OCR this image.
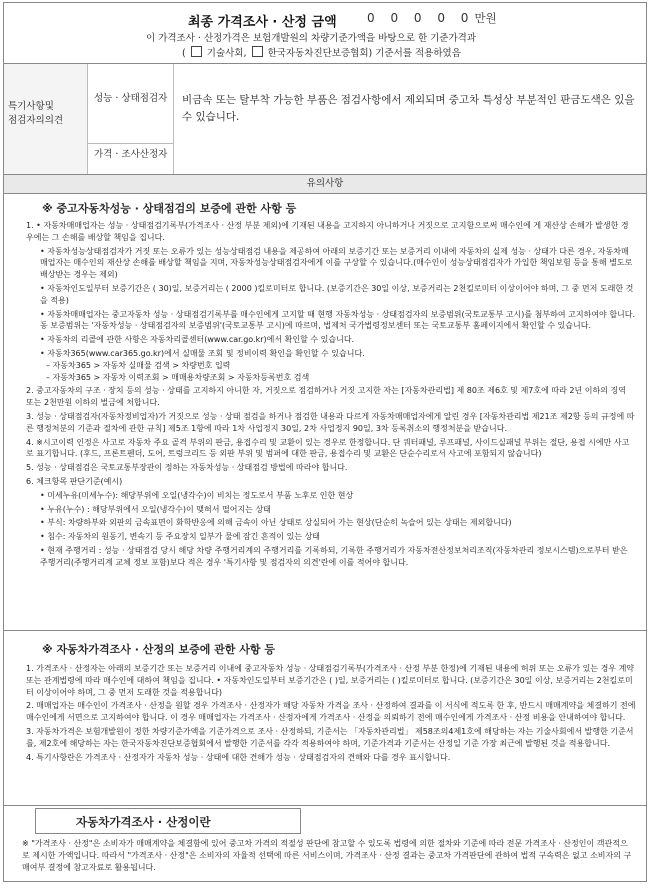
최종 가격조사 · 산정 금액	0 0 0 0 0만원
이 가격조사 · 산정가격은 보험개발원의 차량기준가액을 바탕으로 한 기준가격과
( 기술사회, 한국자동차진단보증협회) 기준서를 적용하였음
특기사항및
점검자의의견
성능 · 상태점검자	비금속 또는 탈부착 가능한 부품은 점검사항에서 제외되며 중고차 특성상 부분적인 판금도색은 있을 수 있습니다.
가격 · 조사산정자
유의사항
※ 중고자동차성능 · 상태점검의 보증에 관한 사항 등

1. • 자동차매매업자는 성능 · 상태점검기록부(가격조사 · 산정 부분 제외)에 기재된 내용을 고지하지 아니하거나 거짓으로 고지함으로써 매수인에 게 재산상 손해가 발생한 경우에는 그 손해를 배상할 책임을 집니다.

• 자동차성능상태점검자가 거짓 또는 오류가 있는 성능상태점검 내용을 제공하여 아래의 보증기간 또는 보증거리 이내에 자동차의 실제 성능 · 상태가 다른 경우, 자동차매매업자는 매수인의 재산상 손해를 배상할 책임을 지며, 자동차성능상태점검자에게 이를 구상할 수 있습니다.(매수인이 성능상태점검자가 가입한 책임보험 등을 통해 별도로 배상받는 경우는 제외)

• 자동차인도일부터 보증기간은 ( 30)일, 보증거리는 ( 2000 )킬로미터로 합니다. (보증기간은 30일 이상, 보증거리는 2천킬로미터 이상이어야 하며, 그 중 먼저 도래한 것을 적용)

• 자동차매매업자는 중고자동차 성능 · 상태점검기록부를 매수인에게 고지할 때 현행 자동차성능 · 상태점검자의 보증범위(국토교통부 고시)를 첨부하여 고지하여야 합니다. 동 보증범위는 '자동차성능 · 상태점검자의 보증범위'(국토교통부 고시)에 따르며, 법제처 국가법령정보센터 또는 국토교통부 홈페이지에서 확인할 수 있습니다.

• 자동차의 리콜에 관한 사항은 자동차리콜센터(www.car.go.kr)에서 확인할 수 있습니다.

• 자동차365(www.car365.go.kr)에서 실매물 조회 및 정비이력 확인을 확인할 수 있습니다.

– 자동차365 > 자동차 실매물 검색 > 차량번호 입력

– 자동차365 > 자동차 이력조회 > 매매용차량조회 > 자동차등록번호 검색

2. 중고자동차의 구조 · 장치 등의 성능 · 상태를 고지하지 아니한 자, 거짓으로 점검하거나 거짓 고지한 자는 [자동차관리법] 제 80조 제6호 및 제7호에 따라 2년 이하의 징역 또는 2천만원 이하의 벌금에 처합니다.

3. 성능 · 상태점검자(자동차정비업자)가 거짓으로 성능 · 상태 점검을 하거나 점검한 내용과 다르게 자동차매매업자에게 알린 경우 [자동차관리법 제21조 제2항 등의 규정에 따른 행정처분의 기준과 절차에 관한 규칙] 제5조 1항에 따라 1차 사업정지 30일, 2차 사업정지 90일, 3차 등록취소의 행정처분을 받습니다.

4. ※시고이력 인정은 사고로 자동차 주요 골격 부위의 판금, 용접수리 및 교환이 있는 경우로 한정합니다. 단 쿼터패널, 루프패널, 사이드실패널 부위는 절단, 용접 시에만 사고로 표기합니다. (후드, 프론트펜더, 도어, 트렁크리드 등 외판 부위 및 범퍼에 대한 판금, 용접수리 및 교환은 단순수리로서 사고에 포함되지 않습니다)

5. 성능 · 상태점검은 국토교통부장관이 정하는 자동차성능 · 상태점검 방법에 따라야 합니다.

6. 체크항목 판단기준(예시)

• 미세누유(미세누수): 해당부위에 오일(냉각수)이 비치는 정도로서 부품 노후로 인한 현상

• 누유(누수) : 해당부위에서 오일(냉각수)이 맺혀서 떨어지는 상태

• 부식: 차량하부와 외판의 금속표면이 화학반응에 의해 금속이 아닌 상태로 상실되어 가는 현상(단순히 녹슬어 있는 상태는 제외합니다)

• 침수: 자동차의 원동기, 변속기 등 주요장치 일부가 물에 잠긴 흔적이 있는 상태

• 현재 주행거리 : 성능 · 상태점검 당시 해당 차량 주행거리계의 주행거리를 기록하되, 기록한 주행거리가 자동차전산정보처리조직(자동차관리 정보시스템)으로부터 받은 주행거리(주행거리계 교체 정보 포함)보다 적은 경우 '특기사항 및 점검자의 의견'란에 이를 적어야 합니다.

※ 자동차가격조사 · 산정의 보증에 관한 사항 등

1. 가격조사 · 산정자는 아래의 보증기간 또는 보증거리 이내에 중고자동차 성능 · 상태점검기록부(가격조사 · 산정 부분 한정)에 기재된 내용에 허위 또는 오류가 있는 경우 계약 또는 관계법령에 따라 매수인에 대하여 책임을 집니다. • 자동차인도일부터 보증기간은 ( )일, 보증거리는 ( )킬로미터로 합니다. (보증기간은 30일 이상, 보증거리는 2천킬로미터 이상이어야 하며, 그 중 먼저 도래한 것을 적용합니다)

2. 매매업자는 매수인이 가격조사 · 산정을 원할 경우 가격조사 · 산정자가 해당 자동차 가격을 조사 · 산정하여 결과를 이 서식에 적도록 한 후, 반드시 매매계약을 체결하기 전에 매수인에게 서면으로 고지하여야 합니다. 이 경우 매매업자는 가격조사 · 산정자에게 가격조사 · 산정을 의뢰하기 전에 매수인에게 가격조사 · 산정 비용을 안내하여야 합니다.

3. 자동차가격은 보험개발원이 정한 차량기준가액을 기준가격으로 조사 · 산정하되, 기준서는 「자동차관리법」 제58조의4제1호에 해당하는 자는 기술사회에서 발행한 기준서를, 제2호에 해당하는 자는 한국자동차진단보증협회에서 발행한 기준서를 각각 적용하여야 하며, 기준가격과 기준서는 산정일 기준 가장 최근에 발행된 것을 적용합니다.

4. 특기사항란은 가격조사 · 산정자가 자동차 성능 · 상태에 대한 견해가 성능 · 상태점검자의 견해와 다를 경우 표시합니다.

자동차가격조사 · 산정이란
※ "가격조사 · 산정"은 소비자가 매매계약을 체결함에 있어 중고차 가격의 적절성 판단에 참고할 수 있도록 법령에 의한 절차와 기준에 따라 전문 가격조사 · 산정인이 객관적으로 제시한 가액입니다. 따라서 "가격조사 · 산정"은 소비자의 자율적 선택에 따른 서비스이며, 가격조사 · 산정 결과는 중고차 가격판단에 관하여 법적 구속력은 없고 소비자의 구매여부 결정에 참고자료로 활용됩니다.
